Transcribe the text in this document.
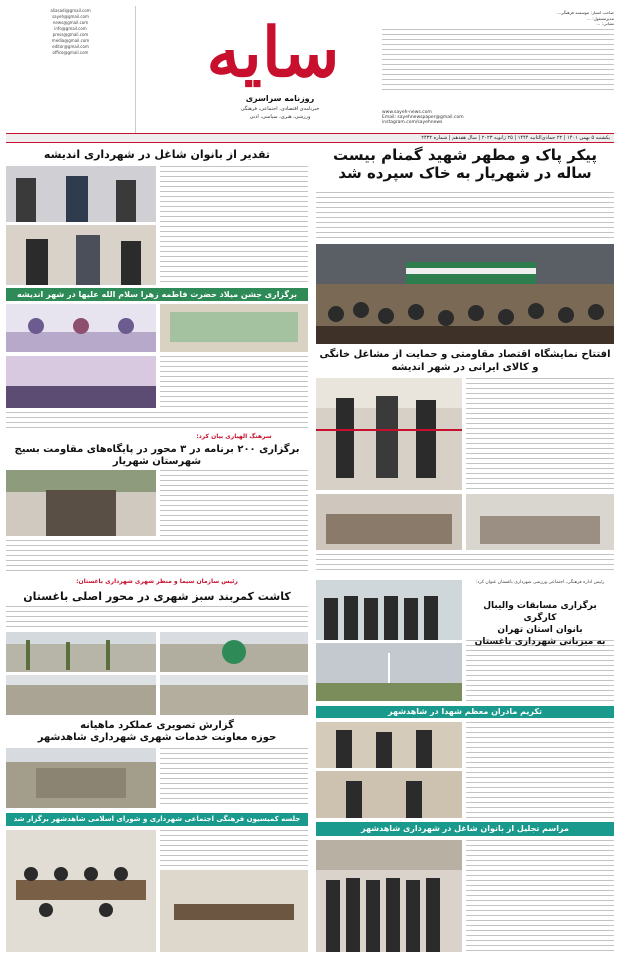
aliasadi@gmail.com
sayeh@gmail.com
news@gmail.com
info@gmail.com
press@gmail.com
media@gmail.com
editor@gmail.com
office@gmail.com	سایه
روزنامه سراسری
خبرنامه‌ی اقتصادی، اجتماعی، فرهنگی
ورزشی، هنری، سیاسی، ادبی
صاحب امتیاز: موسسه فرهنگی...
مدیرمسئول: ...
نشانی: ...
www.sayeh-news.com
Email: sayehnewspaper@gmail.com
instagram.com/sayehnews
یکشنبه ۵ بهمن ۱۴۰۱ | ۲۲ جمادی‌الثانیه ۱۴۴۴ | ۲۵ ژانویه ۲۰۲۳ | سال هفدهم | شماره ۲۴۳۲
پیکر پاک و مطهر شهید گمنام بیست ساله در شهریار به خاک سپرده شد
تقدیر از بانوان شاغل در شهرداری اندیشه
برگزاری جشن میلاد حضرت فاطمه زهرا سلام الله علیها در شهر اندیشه
افتتاح نمایشگاه اقتصاد مقاومتی و حمایت از مشاغل خانگی و کالای ایرانی در شهر اندیشه
سرهنگ الهیاری بیان کرد:
برگزاری ۲۰۰ برنامه در ۳ محور در پایگاه‌های مقاومت بسیج شهرستان شهریار
رئیس اداره فرهنگی، اجتماعی ورزشی شهرداری باغستان عنوان کرد:
برگزاری مسابقات والیبال کارگری
بانوان استان تهران
به میزبانی شهرداری باغستان
رئیس سازمان سیما و منظر شهری شهرداری باغستان:
کاشت کمربند سبز شهری در محور اصلی باغستان
گزارش تصویری عملکرد ماهیانه
حوزه معاونت خدمات شهری شهرداری شاهدشهر
تکریم مادران معظم شهدا در شاهدشهر
جلسه کمیسیون فرهنگی اجتماعی شهرداری و شورای اسلامی شاهدشهر برگزار شد
مراسم تجلیل از بانوان شاغل در شهرداری شاهدشهر
